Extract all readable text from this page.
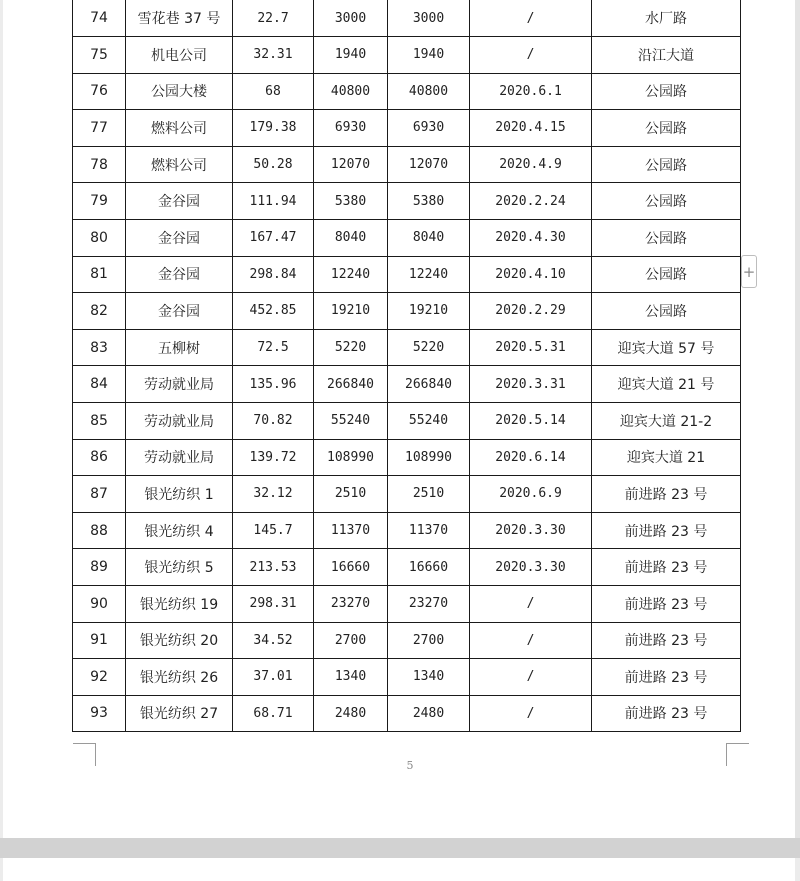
74	雪花巷 37 号	22.7	3000	3000	/	水厂路
75	机电公司	32.31	1940	1940	/	沿江大道
76	公园大楼	68	40800	40800	2020.6.1	公园路
77	燃料公司	179.38	6930	6930	2020.4.15	公园路
78	燃料公司	50.28	12070	12070	2020.4.9	公园路
79	金谷园	111.94	5380	5380	2020.2.24	公园路
80	金谷园	167.47	8040	8040	2020.4.30	公园路
81	金谷园	298.84	12240	12240	2020.4.10	公园路
82	金谷园	452.85	19210	19210	2020.2.29	公园路
83	五柳树	72.5	5220	5220	2020.5.31	迎宾大道 57 号
84	劳动就业局	135.96	266840	266840	2020.3.31	迎宾大道 21 号
85	劳动就业局	70.82	55240	55240	2020.5.14	迎宾大道 21-2
86	劳动就业局	139.72	108990	108990	2020.6.14	迎宾大道 21
87	银光纺织 1	32.12	2510	2510	2020.6.9	前进路 23 号
88	银光纺织 4	145.7	11370	11370	2020.3.30	前进路 23 号
89	银光纺织 5	213.53	16660	16660	2020.3.30	前进路 23 号
90	银光纺织 19	298.31	23270	23270	/	前进路 23 号
91	银光纺织 20	34.52	2700	2700	/	前进路 23 号
92	银光纺织 26	37.01	1340	1340	/	前进路 23 号
93	银光纺织 27	68.71	2480	2480	/	前进路 23 号
+
5
